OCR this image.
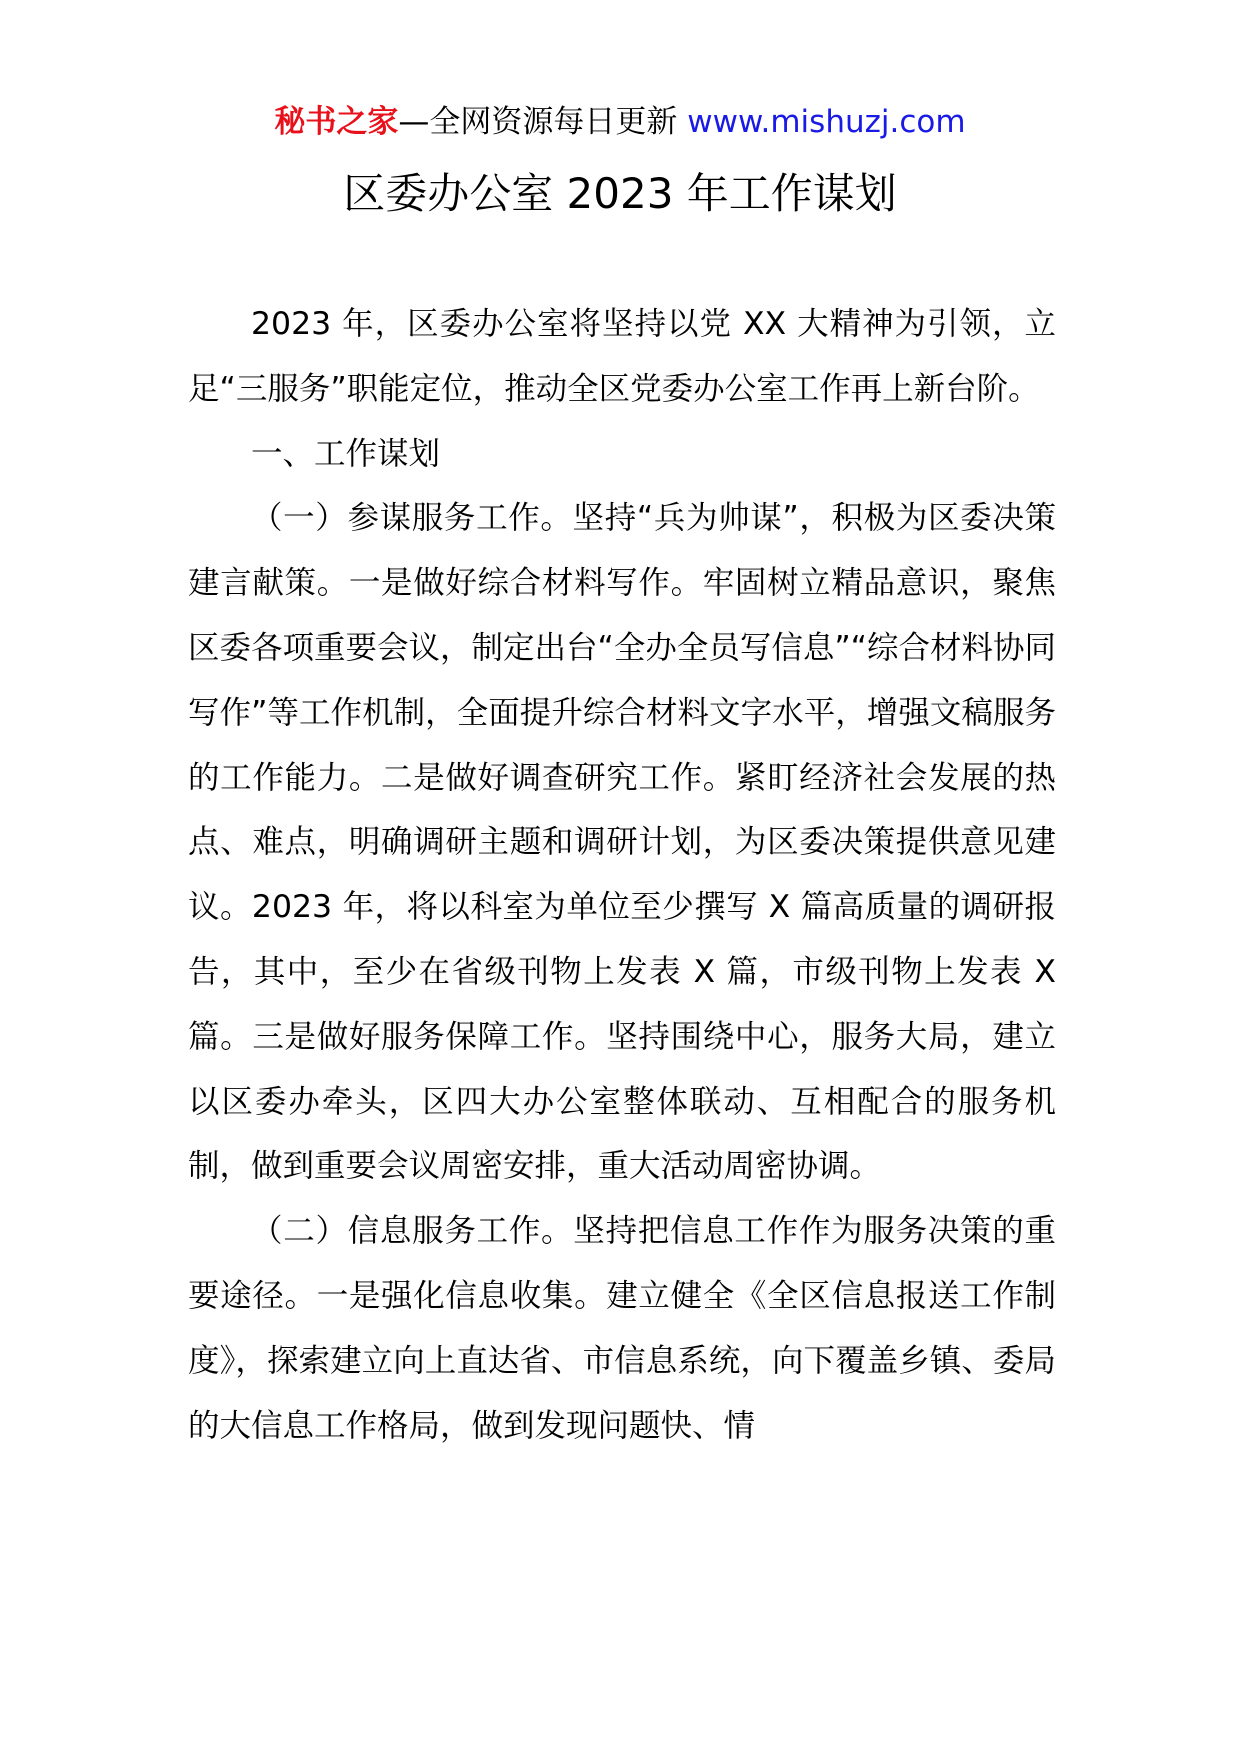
秘书之家—全网资源每日更新 www.mishuzj.com
区委办公室 2023 年工作谋划

2023 年，区委办公室将坚持以党 XX 大精神为引领，立足“三服务”职能定位，推动全区党委办公室工作再上新台阶。

一、工作谋划

（一）参谋服务工作。坚持“兵为帅谋”，积极为区委决策建言献策。一是做好综合材料写作。牢固树立精品意识，聚焦区委各项重要会议，制定出台“全办全员写信息”“综合材料协同写作”等工作机制，全面提升综合材料文字水平，增强文稿服务的工作能力。二是做好调查研究工作。紧盯经济社会发展的热点、难点，明确调研主题和调研计划，为区委决策提供意见建议。2023 年，将以科室为单位至少撰写 X 篇高质量的调研报告，其中，至少在省级刊物上发表 X 篇，市级刊物上发表 X 篇。三是做好服务保障工作。坚持围绕中心，服务大局，建立以区委办牵头，区四大办公室整体联动、互相配合的服务机制，做到重要会议周密安排，重大活动周密协调。

（二）信息服务工作。坚持把信息工作作为服务决策的重要途径。一是强化信息收集。建立健全《全区信息报送工作制度》，探索建立向上直达省、市信息系统，向下覆盖乡镇、委局的大信息工作格局，做到发现问题快、情
